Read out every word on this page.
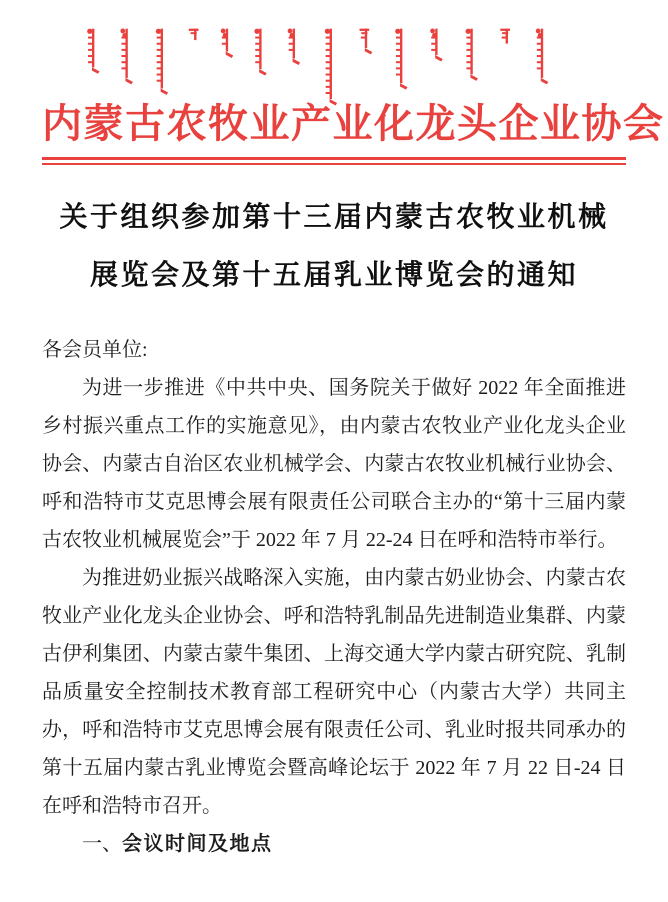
内蒙古农牧业产业化龙头企业协会
关于组织参加第十三届内蒙古农牧业机械
展览会及第十五届乳业博览会的通知

各会员单位:

为进一步推进《中共中央、国务院关于做好 2022 年全面推进乡村振兴重点工作的实施意见》，由内蒙古农牧业产业化龙头企业协会、内蒙古自治区农业机械学会、内蒙古农牧业机械行业协会、呼和浩特市艾克思博会展有限责任公司联合主办的“第十三届内蒙古农牧业机械展览会”于 2022 年 7 月 22-24 日在呼和浩特市举行。

为推进奶业振兴战略深入实施，由内蒙古奶业协会、内蒙古农牧业产业化龙头企业协会、呼和浩特乳制品先进制造业集群、内蒙古伊利集团、内蒙古蒙牛集团、上海交通大学内蒙古研究院、乳制品质量安全控制技术教育部工程研究中心（内蒙古大学）共同主办，呼和浩特市艾克思博会展有限责任公司、乳业时报共同承办的第十五届内蒙古乳业博览会暨高峰论坛于 2022 年 7 月 22 日-24 日在呼和浩特市召开。

一、会议时间及地点
